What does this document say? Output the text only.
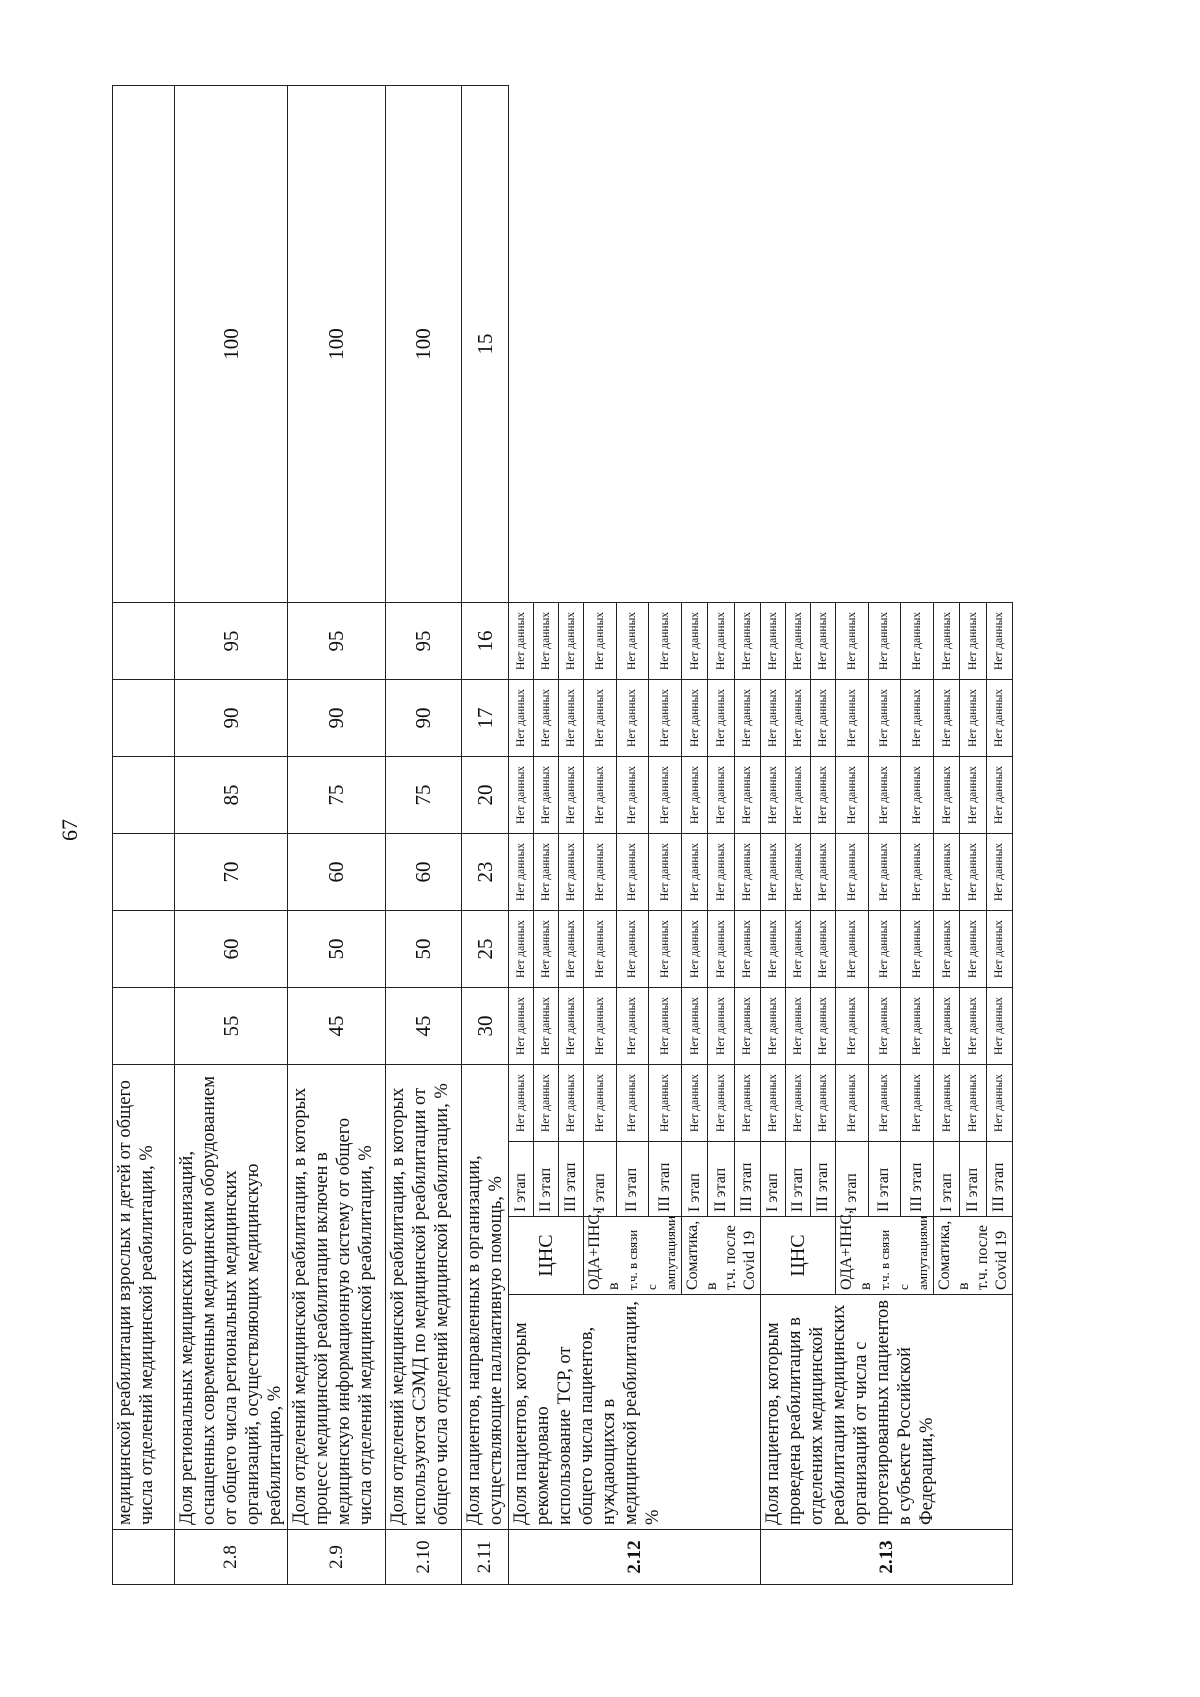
67
	медицинской реабилитации взрослых и детей от общего числа отделений медицинской реабилитации, %										
2.8	Доля региональных медицинских организаций, оснащенных современным медицинским оборудованием от общего числа региональных медицинских организаций, осуществляющих медицинскую реабилитацию, %				55	60	70	85	90	95	100
2.9	Доля отделений медицинской реабилитации, в которых процесс медицинской реабилитации включен в медицинскую информационную систему от общего числа отделений медицинской реабилитации, %				45	50	60	75	90	95	100
2.10	Доля отделений медицинской реабилитации, в которых используются СЭМД по медицинской реабилитации от общего числа отделений медицинской реабилитации, %				45	50	60	75	90	95	100
2.11	Доля пациентов, направленных в организации, осуществляющие паллиативную помощь, %				30	25	23	20	17	16	15
2.12	Доля пациентов, которым рекомендовано использование ТСР, от общего числа пациентов, нуждающихся в медицинской реабилитации, %	ЦНС	I этап	Нет данных	Нет данных	Нет данных	Нет данных	Нет данных	Нет данных	Нет данных	
			II этап	Нет данных	Нет данных	Нет данных	Нет данных	Нет данных	Нет данных	Нет данных	
			III этап	Нет данных	Нет данных	Нет данных	Нет данных	Нет данных	Нет данных	Нет данных	

		ОДА+ПНС, в т.ч. в связи с ампутациями	I этап	Нет данных	Нет данных	Нет данных	Нет данных	Нет данных	Нет данных	Нет данных	
			II этап	Нет данных	Нет данных	Нет данных	Нет данных	Нет данных	Нет данных	Нет данных	
			III этап	Нет данных	Нет данных	Нет данных	Нет данных	Нет данных	Нет данных	Нет данных	

		Соматика, в т.ч. после Covid 19	I этап	Нет данных	Нет данных	Нет данных	Нет данных	Нет данных	Нет данных	Нет данных	
			II этап	Нет данных	Нет данных	Нет данных	Нет данных	Нет данных	Нет данных	Нет данных	
			III этап	Нет данных	Нет данных	Нет данных	Нет данных	Нет данных	Нет данных	Нет данных	
2.13	Доля пациентов, которым проведена реабилитация в отделениях медицинской реабилитации медицинских организаций от числа с протезированных пациентов в субъекте Российской Федерации,%	ЦНС	I этап	Нет данных	Нет данных	Нет данных	Нет данных	Нет данных	Нет данных	Нет данных	
			II этап	Нет данных	Нет данных	Нет данных	Нет данных	Нет данных	Нет данных	Нет данных	
			III этап	Нет данных	Нет данных	Нет данных	Нет данных	Нет данных	Нет данных	Нет данных	

		ОДА+ПНС, в т.ч. в связи с ампутациями	I этап	Нет данных	Нет данных	Нет данных	Нет данных	Нет данных	Нет данных	Нет данных	
			II этап	Нет данных	Нет данных	Нет данных	Нет данных	Нет данных	Нет данных	Нет данных	
			III этап	Нет данных	Нет данных	Нет данных	Нет данных	Нет данных	Нет данных	Нет данных	

		Соматика, в т.ч. после Covid 19	I этап	Нет данных	Нет данных	Нет данных	Нет данных	Нет данных	Нет данных	Нет данных	
			II этап	Нет данных	Нет данных	Нет данных	Нет данных	Нет данных	Нет данных	Нет данных	
			III этап	Нет данных	Нет данных	Нет данных	Нет данных	Нет данных	Нет данных	Нет данных	
